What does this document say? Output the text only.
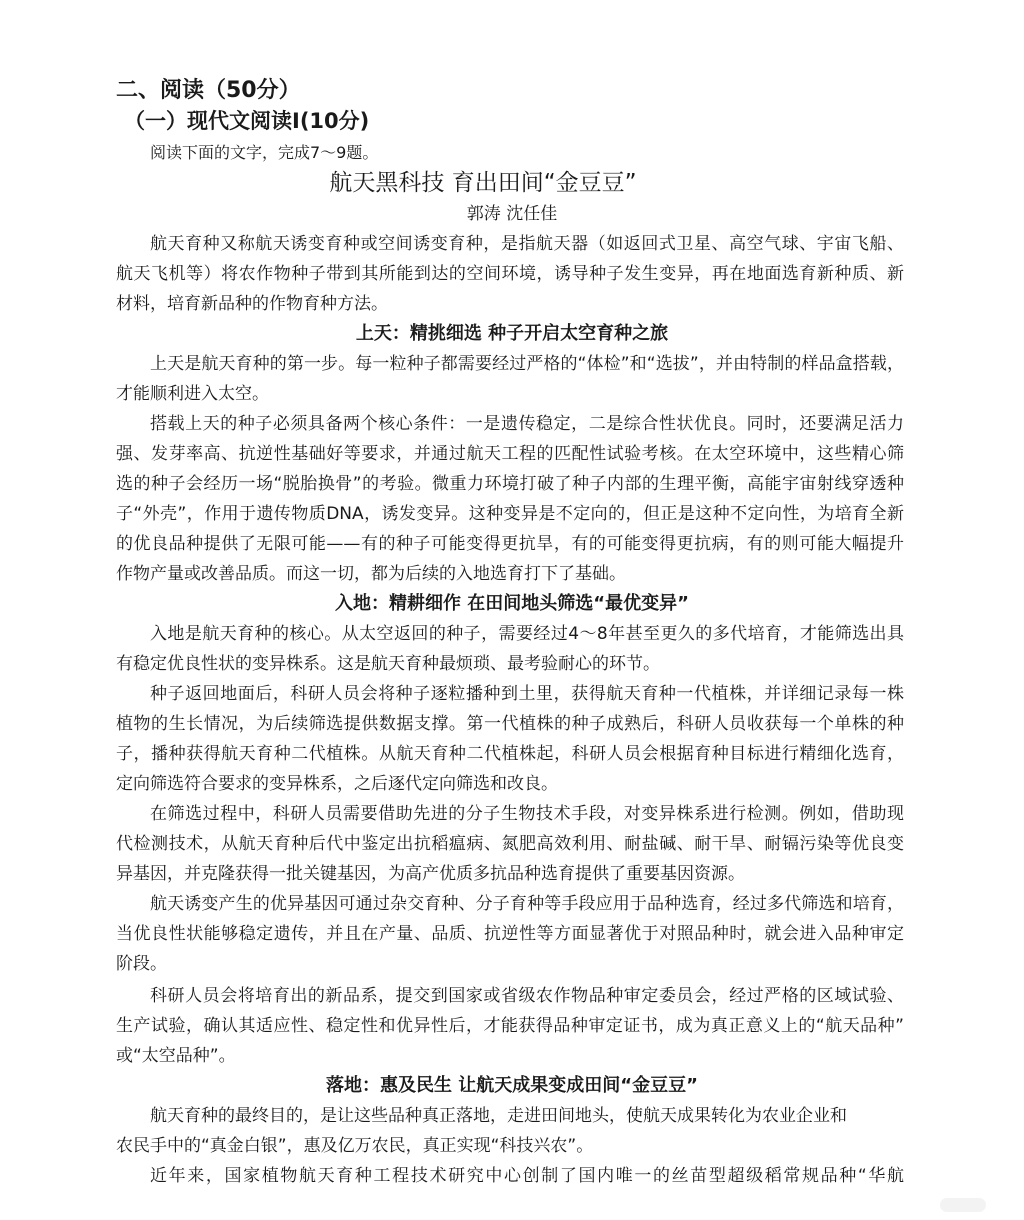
二、阅读（50分）
（一）现代文阅读Ⅰ(10分)
阅读下面的文字，完成7～9题。
航天黑科技 育出田间“金豆豆”
郭涛 沈任佳
航天育种又称航天诱变育种或空间诱变育种，是指航天器（如返回式卫星、高空气球、宇宙飞船、
航天飞机等）将农作物种子带到其所能到达的空间环境，诱导种子发生变异，再在地面选育新种质、新
材料，培育新品种的作物育种方法。
上天：精挑细选 种子开启太空育种之旅
上天是航天育种的第一步。每一粒种子都需要经过严格的“体检”和“选拔”，并由特制的样品盒搭载，
才能顺利进入太空。
搭载上天的种子必须具备两个核心条件：一是遗传稳定，二是综合性状优良。同时，还要满足活力
强、发芽率高、抗逆性基础好等要求，并通过航天工程的匹配性试验考核。在太空环境中，这些精心筛
选的种子会经历一场“脱胎换骨”的考验。微重力环境打破了种子内部的生理平衡，高能宇宙射线穿透种
子“外壳”，作用于遗传物质DNA，诱发变异。这种变异是不定向的，但正是这种不定向性，为培育全新
的优良品种提供了无限可能——有的种子可能变得更抗旱，有的可能变得更抗病，有的则可能大幅提升
作物产量或改善品质。而这一切，都为后续的入地选育打下了基础。
入地：精耕细作 在田间地头筛选“最优变异”
入地是航天育种的核心。从太空返回的种子，需要经过4～8年甚至更久的多代培育，才能筛选出具
有稳定优良性状的变异株系。这是航天育种最烦琐、最考验耐心的环节。
种子返回地面后，科研人员会将种子逐粒播种到土里，获得航天育种一代植株，并详细记录每一株
植物的生长情况，为后续筛选提供数据支撑。第一代植株的种子成熟后，科研人员收获每一个单株的种
子，播种获得航天育种二代植株。从航天育种二代植株起，科研人员会根据育种目标进行精细化选育，
定向筛选符合要求的变异株系，之后逐代定向筛选和改良。
在筛选过程中，科研人员需要借助先进的分子生物技术手段，对变异株系进行检测。例如，借助现
代检测技术，从航天育种后代中鉴定出抗稻瘟病、氮肥高效利用、耐盐碱、耐干旱、耐镉污染等优良变
异基因，并克隆获得一批关键基因，为高产优质多抗品种选育提供了重要基因资源。
航天诱变产生的优异基因可通过杂交育种、分子育种等手段应用于品种选育，经过多代筛选和培育，
当优良性状能够稳定遗传，并且在产量、品质、抗逆性等方面显著优于对照品种时，就会进入品种审定
阶段。
科研人员会将培育出的新品系，提交到国家或省级农作物品种审定委员会，经过严格的区域试验、
生产试验，确认其适应性、稳定性和优异性后，才能获得品种审定证书，成为真正意义上的“航天品种”
或“太空品种”。
落地：惠及民生 让航天成果变成田间“金豆豆”
航天育种的最终目的，是让这些品种真正落地，走进田间地头，使航天成果转化为农业企业和
农民手中的“真金白银”，惠及亿万农民，真正实现“科技兴农”。
近年来，国家植物航天育种工程技术研究中心创制了国内唯一的丝苗型超级稻常规品种“华航
